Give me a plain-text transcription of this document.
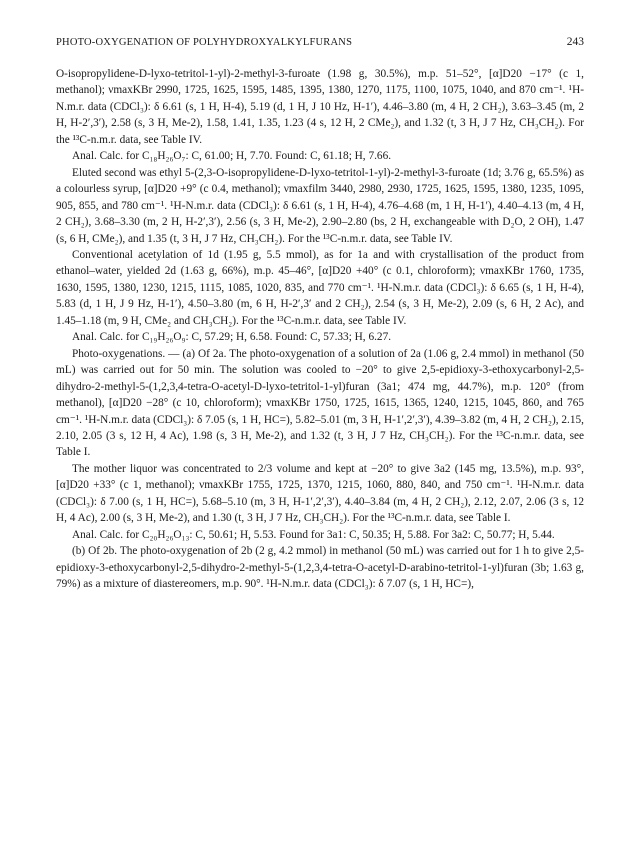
PHOTO-OXYGENATION OF POLYHYDROXYALKYLFURANS	243

O-isopropylidene-D-lyxo-tetritol-1-yl)-2-methyl-3-furoate (1.98 g, 30.5%), m.p. 51–52°, [α]D20 −17° (c 1, methanol); νmaxKBr 2990, 1725, 1625, 1595, 1485, 1395, 1380, 1270, 1175, 1100, 1075, 1040, and 870 cm⁻¹. ¹H-N.m.r. data (CDCl₃): δ 6.61 (s, 1 H, H-4), 5.19 (d, 1 H, J 10 Hz, H-1′), 4.46–3.80 (m, 4 H, 2 CH₂), 3.63–3.45 (m, 2 H, H-2′,3′), 2.58 (s, 3 H, Me-2), 1.58, 1.41, 1.35, 1.23 (4 s, 12 H, 2 CMe₂), and 1.32 (t, 3 H, J 7 Hz, CH₃CH₂). For the ¹³C-n.m.r. data, see Table IV.

Anal. Calc. for C₁₈H₂₆O₇: C, 61.00; H, 7.70. Found: C, 61.18; H, 7.66.

Eluted second was ethyl 5-(2,3-O-isopropylidene-D-lyxo-tetritol-1-yl)-2-methyl-3-furoate (1d; 3.76 g, 65.5%) as a colourless syrup, [α]D20 +9° (c 0.4, methanol); νmaxfilm 3440, 2980, 2930, 1725, 1625, 1595, 1380, 1235, 1095, 905, 855, and 780 cm⁻¹. ¹H-N.m.r. data (CDCl₃): δ 6.61 (s, 1 H, H-4), 4.76–4.68 (m, 1 H, H-1′), 4.40–4.13 (m, 4 H, 2 CH₂), 3.68–3.30 (m, 2 H, H-2′,3′), 2.56 (s, 3 H, Me-2), 2.90–2.80 (bs, 2 H, exchangeable with D₂O, 2 OH), 1.47 (s, 6 H, CMe₂), and 1.35 (t, 3 H, J 7 Hz, CH₃CH₂). For the ¹³C-n.m.r. data, see Table IV.

Conventional acetylation of 1d (1.95 g, 5.5 mmol), as for 1a and with crystallisation of the product from ethanol–water, yielded 2d (1.63 g, 66%), m.p. 45–46°, [α]D20 +40° (c 0.1, chloroform); νmaxKBr 1760, 1735, 1630, 1595, 1380, 1230, 1215, 1115, 1085, 1020, 835, and 770 cm⁻¹. ¹H-N.m.r. data (CDCl₃): δ 6.65 (s, 1 H, H-4), 5.83 (d, 1 H, J 9 Hz, H-1′), 4.50–3.80 (m, 6 H, H-2′,3′ and 2 CH₂), 2.54 (s, 3 H, Me-2), 2.09 (s, 6 H, 2 Ac), and 1.45–1.18 (m, 9 H, CMe₂ and CH₃CH₂). For the ¹³C-n.m.r. data, see Table IV.

Anal. Calc. for C₁₉H₂₆O₉: C, 57.29; H, 6.58. Found: C, 57.33; H, 6.27.

Photo-oxygenations. — (a) Of 2a. The photo-oxygenation of a solution of 2a (1.06 g, 2.4 mmol) in methanol (50 mL) was carried out for 50 min. The solution was cooled to −20° to give 2,5-epidioxy-3-ethoxycarbonyl-2,5-dihydro-2-methyl-5-(1,2,3,4-tetra-O-acetyl-D-lyxo-tetritol-1-yl)furan (3a1; 474 mg, 44.7%), m.p. 120° (from methanol), [α]D20 −28° (c 10, chloroform); νmaxKBr 1750, 1725, 1615, 1365, 1240, 1215, 1045, 860, and 765 cm⁻¹. ¹H-N.m.r. data (CDCl₃): δ 7.05 (s, 1 H, HC=), 5.82–5.01 (m, 3 H, H-1′,2′,3′), 4.39–3.82 (m, 4 H, 2 CH₂), 2.15, 2.10, 2.05 (3 s, 12 H, 4 Ac), 1.98 (s, 3 H, Me-2), and 1.32 (t, 3 H, J 7 Hz, CH₃CH₂). For the ¹³C-n.m.r. data, see Table I.

The mother liquor was concentrated to 2/3 volume and kept at −20° to give 3a2 (145 mg, 13.5%), m.p. 93°, [α]D20 +33° (c 1, methanol); νmaxKBr 1755, 1725, 1370, 1215, 1060, 880, 840, and 750 cm⁻¹. ¹H-N.m.r. data (CDCl₃): δ 7.00 (s, 1 H, HC=), 5.68–5.10 (m, 3 H, H-1′,2′,3′), 4.40–3.84 (m, 4 H, 2 CH₂), 2.12, 2.07, 2.06 (3 s, 12 H, 4 Ac), 2.00 (s, 3 H, Me-2), and 1.30 (t, 3 H, J 7 Hz, CH₃CH₂). For the ¹³C-n.m.r. data, see Table I.

Anal. Calc. for C₂₀H₂₆O₁₃: C, 50.61; H, 5.53. Found for 3a1: C, 50.35; H, 5.88. For 3a2: C, 50.77; H, 5.44.

(b) Of 2b. The photo-oxygenation of 2b (2 g, 4.2 mmol) in methanol (50 mL) was carried out for 1 h to give 2,5-epidioxy-3-ethoxycarbonyl-2,5-dihydro-2-methyl-5-(1,2,3,4-tetra-O-acetyl-D-arabino-tetritol-1-yl)furan (3b; 1.63 g, 79%) as a mixture of diastereomers, m.p. 90°. ¹H-N.m.r. data (CDCl₃): δ 7.07 (s, 1 H, HC=),
